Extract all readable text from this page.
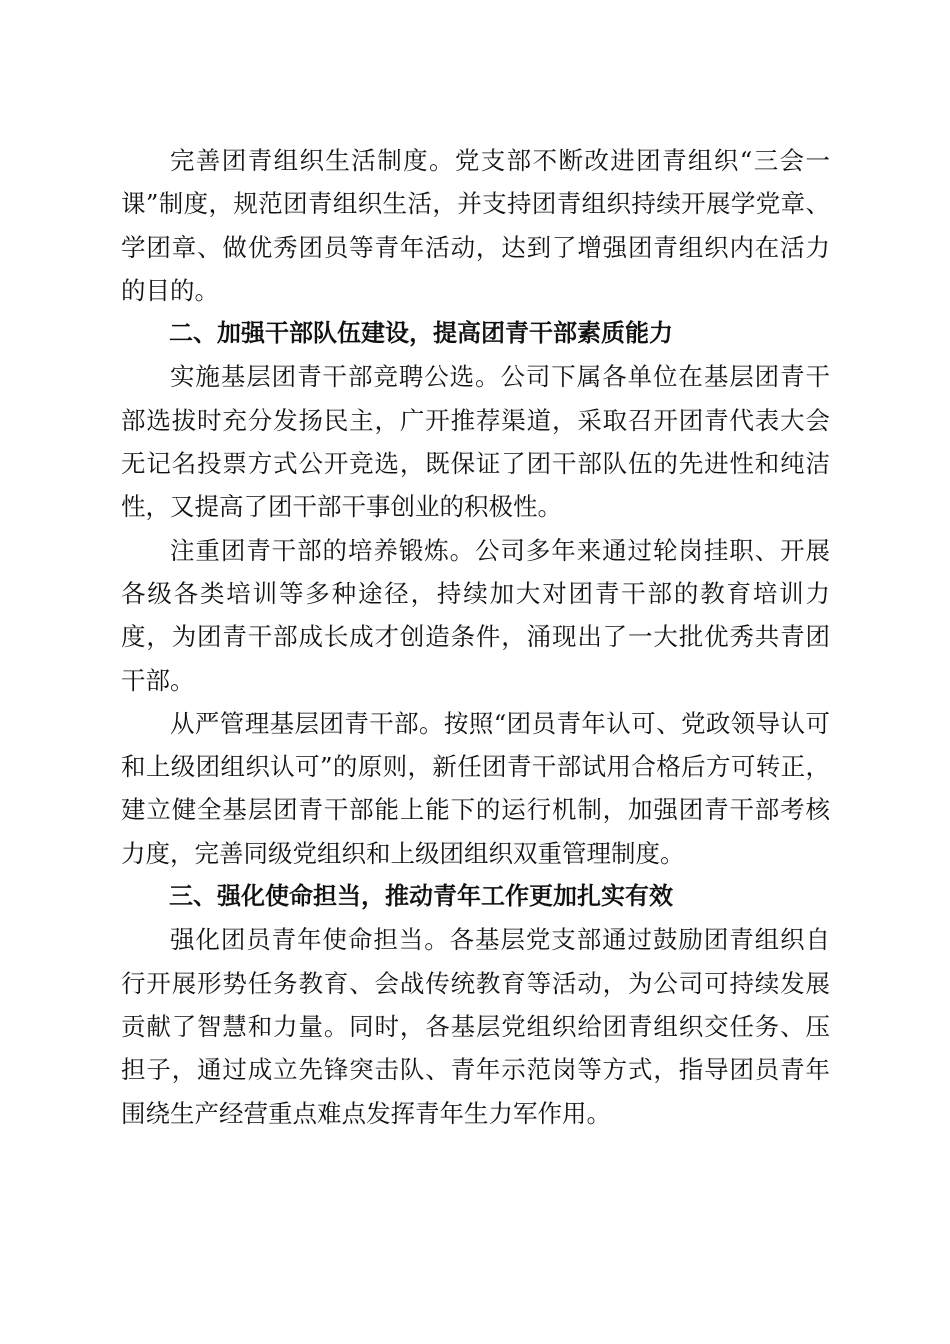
完善团青组织生活制度。党支部不断改进团青组织“三会一课”制度，规范团青组织生活，并支持团青组织持续开展学党章、学团章、做优秀团员等青年活动，达到了增强团青组织内在活力的目的。

二、加强干部队伍建设，提高团青干部素质能力

实施基层团青干部竞聘公选。公司下属各单位在基层团青干部选拔时充分发扬民主，广开推荐渠道，采取召开团青代表大会无记名投票方式公开竞选，既保证了团干部队伍的先进性和纯洁性，又提高了团干部干事创业的积极性。

注重团青干部的培养锻炼。公司多年来通过轮岗挂职、开展各级各类培训等多种途径，持续加大对团青干部的教育培训力度，为团青干部成长成才创造条件，涌现出了一大批优秀共青团干部。

从严管理基层团青干部。按照“团员青年认可、党政领导认可和上级团组织认可”的原则，新任团青干部试用合格后方可转正，建立健全基层团青干部能上能下的运行机制，加强团青干部考核力度，完善同级党组织和上级团组织双重管理制度。

三、强化使命担当，推动青年工作更加扎实有效

强化团员青年使命担当。各基层党支部通过鼓励团青组织自行开展形势任务教育、会战传统教育等活动，为公司可持续发展贡献了智慧和力量。同时，各基层党组织给团青组织交任务、压担子，通过成立先锋突击队、青年示范岗等方式，指导团员青年围绕生产经营重点难点发挥青年生力军作用。
